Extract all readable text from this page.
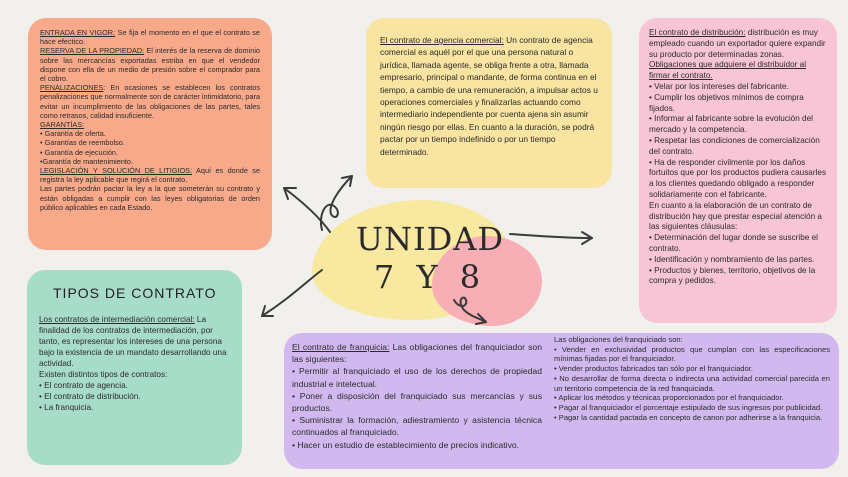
UNIDAD
7 Y 8

ENTRADA EN VIGOR: Se fija el momento en el que el contrato se hace efectico.

RESERVA DE LA PROPIEDAD: El interés de la reserva de dominio sobre las mercancías exportadas estriba en que el vendedor dispone con ella de un medio de presión sobre el comprador para el cobro.

PENALIZACIONES: En ocasiones se establecen los contratos penalizaciones que normalmente son de carácter intimidatorio, para evitar un incumplimiento de las obligaciones de las partes, tales como retrasos, calidad insuficiente.

GARANTÍAS:

• Garantía de oferta.
• Garantías de reembolso.
• Garantía de ejecución.
•Garantía de mantenimiento.

LEGISLACIÓN Y SOLUCIÓN DE LITIGIOS: Aquí es donde se registra la ley aplicable que regirá el contrato.

Las partes podrán pactar la ley a la que someterán su contrato y están obligadas a cumplir con las leyes obligatorias de orden público aplicables en cada Estado.

El contrato de agencia comercial: Un contrato de agencia comercial es aquél por el que una persona natural o jurídica, llamada agente, se obliga frente a otra, llamada empresario, principal o mandante, de forma continua en el tiempo, a cambio de una remuneración, a impulsar actos u operaciones comerciales y finalizarlas actuando como intermediario independiente por cuenta ajena sin asumir ningún riesgo por ellas. En cuanto a la duración, se podrá pactar por un tiempo indefinido o por un tiempo determinado.

El contrato de distribución: distribución es muy empleado cuando un exportador quiere expandir su producto por determinadas zonas.

Obligaciones que adquiere el distribuidor al firmar el contrato.

• Velar por los intereses del fabricante.
• Cumplir los objetivos mínimos de compra fijados.
• Informar al fabricante sobre la evolución del mercado y la competencia.
• Respetar las condiciones de comercialización del contrato.
• Ha de responder civilmente por los daños fortuitos que por los productos pudiera causarles a los clientes quedando obligado a responder solidariamente con el fabricante.

En cuanto a la elaboración de un contrato de distribución hay que prestar especial atención a las siguientes cláusulas:

• Determinación del lugar donde se suscribe el contrato.
• Identificación y nombramiento de las partes.
• Productos y bienes, territorio, objetivos de la compra y pedidos.
TIPOS DE CONTRATO

Los contratos de intermediación comercial: La finalidad de los contratos de intermediación, por tanto, es representar los intereses de una persona bajo la existencia de un mandato desarrollando una actividad.

Existen distintos tipos de contratos:

• El contrato de agencia.
• El contrato de distribución.
• La franquicia.

El contrato de franquicia: Las obligaciones del franquiciador son las siguientes:

• Permitir al franquiciado el uso de los derechos de propiedad industrial e intelectual.
• Poner a disposición del franquiciado sus mercancías y sus productos.
• Suministrar la formación, adiestramiento y asistencia técnica continuados al franquiciado.
• Hacer un estudio de establecimiento de precios indicativo.

Las obligaciones del franquiciado son:

• Vender en exclusividad productos que cumplan con las especificaciones mínimas fijadas por el franquiciador.
• Vender productos fabricados tan sólo por el franquiciador.
• No desarrollar de forma directa o indirecta una actividad comercial parecida en un territorio competencia de la red franquiciada.
• Aplicar los métodos y técnicas proporcionados por el franquiciador.
• Pagar al franquiciador el porcentaje estipulado de sus ingresos por publicidad.
• Pagar la cantidad pactada en concepto de canon por adherirse a la franquicia.
